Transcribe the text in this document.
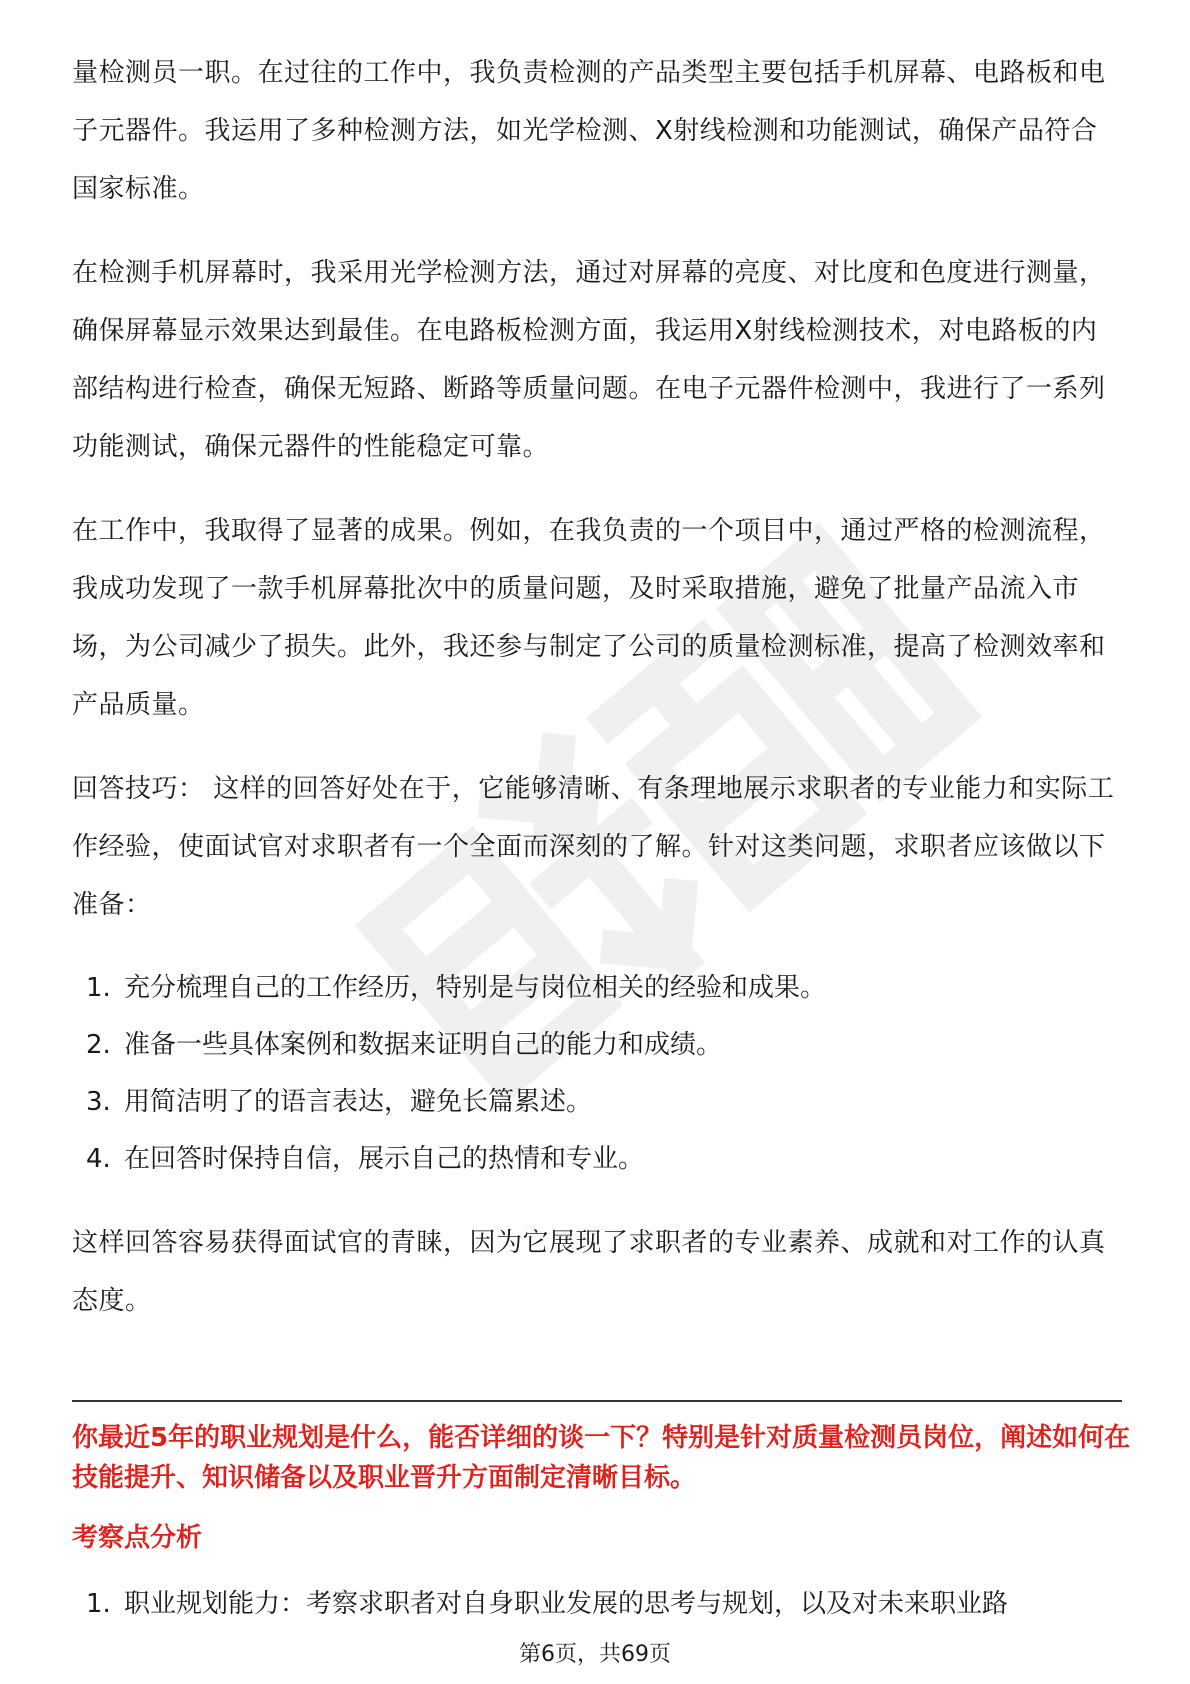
量检测员一职。在过往的工作中，我负责检测的产品类型主要包括手机屏幕、电路板和电子元器件。我运用了多种检测方法，如光学检测、X射线检测和功能测试，确保产品符合国家标准。

在检测手机屏幕时，我采用光学检测方法，通过对屏幕的亮度、对比度和色度进行测量，确保屏幕显示效果达到最佳。在电路板检测方面，我运用X射线检测技术，对电路板的内部结构进行检查，确保无短路、断路等质量问题。在电子元器件检测中，我进行了一系列功能测试，确保元器件的性能稳定可靠。

在工作中，我取得了显著的成果。例如，在我负责的一个项目中，通过严格的检测流程，我成功发现了一款手机屏幕批次中的质量问题，及时采取措施，避免了批量产品流入市场，为公司减少了损失。此外，我还参与制定了公司的质量检测标准，提高了检测效率和产品质量。

回答技巧： 这样的回答好处在于，它能够清晰、有条理地展示求职者的专业能力和实际工作经验，使面试官对求职者有一个全面而深刻的了解。针对这类问题，求职者应该做以下准备：

1. 充分梳理自己的工作经历，特别是与岗位相关的经验和成果。
2. 准备一些具体案例和数据来证明自己的能力和成绩。
3. 用简洁明了的语言表达，避免长篇累述。
4. 在回答时保持自信，展示自己的热情和专业。

这样回答容易获得面试官的青睐，因为它展现了求职者的专业素养、成就和对工作的认真态度。

你最近5年的职业规划是什么，能否详细的谈一下？特别是针对质量检测员岗位，阐述如何在技能提升、知识储备以及职业晋升方面制定清晰目标。
考察点分析
1. 职业规划能力：考察求职者对自身职业发展的思考与规划，以及对未来职业路
第6页，共69页
